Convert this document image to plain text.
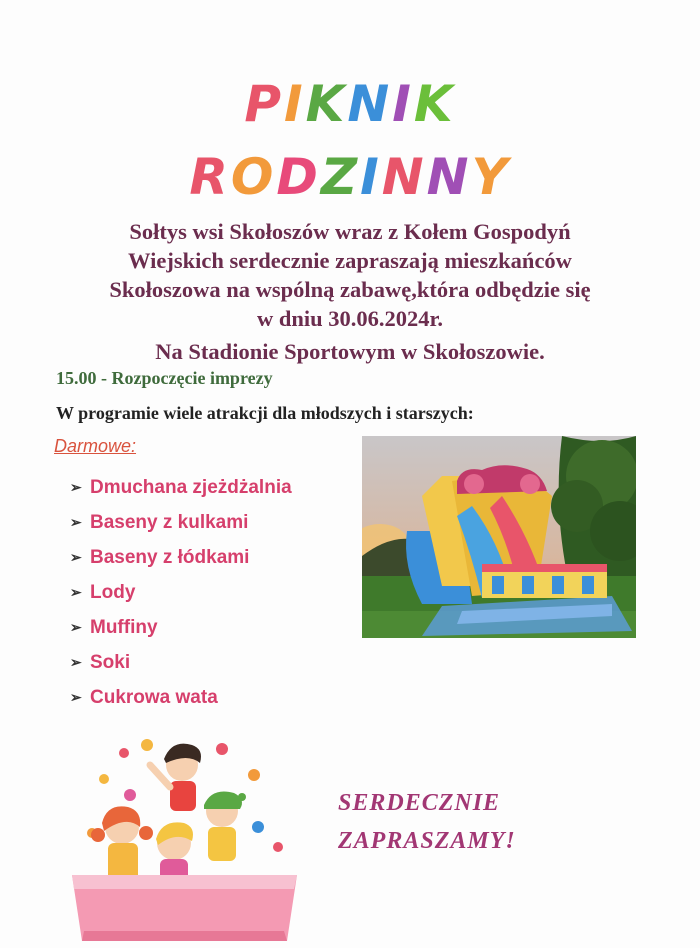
PIKNIK
RODZINNY
Sołtys wsi Skołoszów wraz z Kołem Gospodyń
Wiejskich serdecznie zapraszają mieszkańców
Skołoszowa na wspólną zabawę,która odbędzie się
w dniu 30.06.2024r.
Na Stadionie Sportowym w Skołoszowie.
15.00 - Rozpoczęcie imprezy
W programie wiele atrakcji dla młodszych i starszych:
Darmowe:
➢ Dmuchana zjeżdżalnia
➢ Baseny z kulkami
➢ Baseny z łódkami
➢ Lody
➢ Muffiny
➢ Soki
➢ Cukrowa wata
SERDECZNIE
ZAPRASZAMY!
